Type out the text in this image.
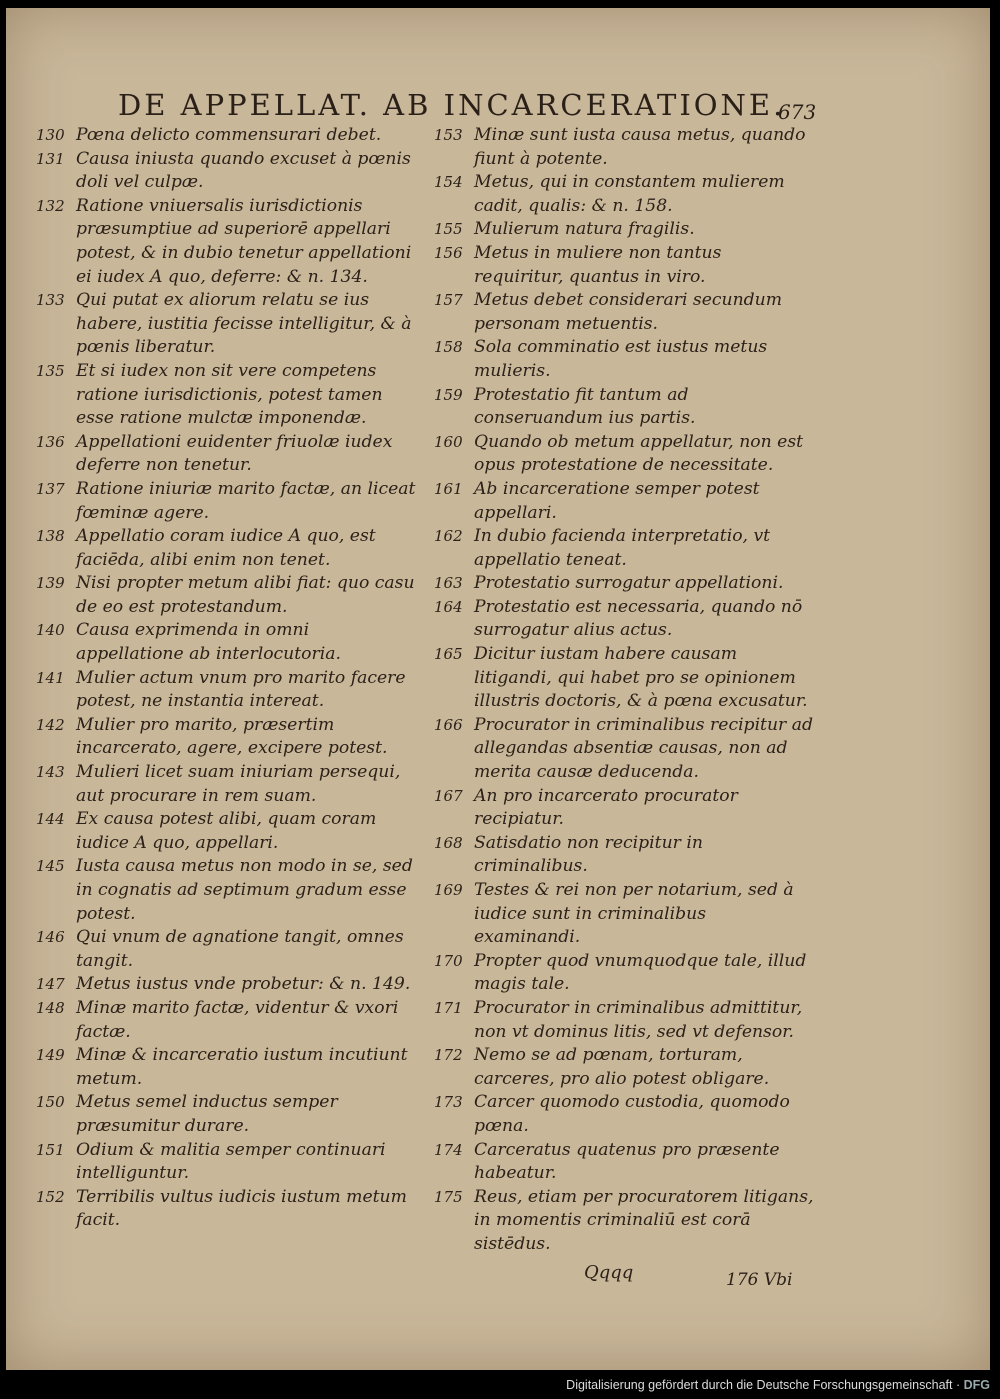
DE APPELLAT. AB INCARCERATIONE.
673
130 Pœna delicto commensurari debet.
131 Causa iniusta quando excuset à pœnis doli vel culpæ.
132 Ratione vniuersalis iurisdictionis præsumptiue ad superiorē appellari potest, & in dubio tenetur appellationi ei iudex A quo, deferre: & n. 134.
133 Qui putat ex aliorum relatu se ius habere, iustitia fecisse intelligitur, & à pœnis liberatur.
135 Et si iudex non sit vere competens ratione iurisdictionis, potest tamen esse ratione mulctæ imponendæ.
136 Appellationi euidenter friuolæ iudex deferre non tenetur.
137 Ratione iniuriæ marito factæ, an liceat fœminæ agere.
138 Appellatio coram iudice A quo, est faciēda, alibi enim non tenet.
139 Nisi propter metum alibi fiat: quo casu de eo est protestandum.
140 Causa exprimenda in omni appellatione ab interlocutoria.
141 Mulier actum vnum pro marito facere potest, ne instantia intereat.
142 Mulier pro marito, præsertim incarcerato, agere, excipere potest.
143 Mulieri licet suam iniuriam persequi, aut procurare in rem suam.
144 Ex causa potest alibi, quam coram iudice A quo, appellari.
145 Iusta causa metus non modo in se, sed in cognatis ad septimum gradum esse potest.
146 Qui vnum de agnatione tangit, omnes tangit.
147 Metus iustus vnde probetur: & n. 149.
148 Minæ marito factæ, videntur & vxori factæ.
149 Minæ & incarceratio iustum incutiunt metum.
150 Metus semel inductus semper præsumitur durare.
151 Odium & malitia semper continuari intelliguntur.
152 Terribilis vultus iudicis iustum metum facit.
153 Minæ sunt iusta causa metus, quando fiunt à potente.
154 Metus, qui in constantem mulierem cadit, qualis: & n. 158.
155 Mulierum natura fragilis.
156 Metus in muliere non tantus requiritur, quantus in viro.
157 Metus debet considerari secundum personam metuentis.
158 Sola comminatio est iustus metus mulieris.
159 Protestatio fit tantum ad conseruandum ius partis.
160 Quando ob metum appellatur, non est opus protestatione de necessitate.
161 Ab incarceratione semper potest appellari.
162 In dubio facienda interpretatio, vt appellatio teneat.
163 Protestatio surrogatur appellationi.
164 Protestatio est necessaria, quando nō surrogatur alius actus.
165 Dicitur iustam habere causam litigandi, qui habet pro se opinionem illustris doctoris, & à pœna excusatur.
166 Procurator in criminalibus recipitur ad allegandas absentiæ causas, non ad merita causæ deducenda.
167 An pro incarcerato procurator recipiatur.
168 Satisdatio non recipitur in criminalibus.
169 Testes & rei non per notarium, sed à iudice sunt in criminalibus examinandi.
170 Propter quod vnumquodque tale, illud magis tale.
171 Procurator in criminalibus admittitur, non vt dominus litis, sed vt defensor.
172 Nemo se ad pœnam, torturam, carceres, pro alio potest obligare.
173 Carcer quomodo custodia, quomodo pœna.
174 Carceratus quatenus pro præsente habeatur.
175 Reus, etiam per procuratorem litigans, in momentis criminaliū est corā sistēdus.
Qqqq	176 Vbi
Digitalisierung gefördert durch die Deutsche Forschungsgemeinschaft · DFG
